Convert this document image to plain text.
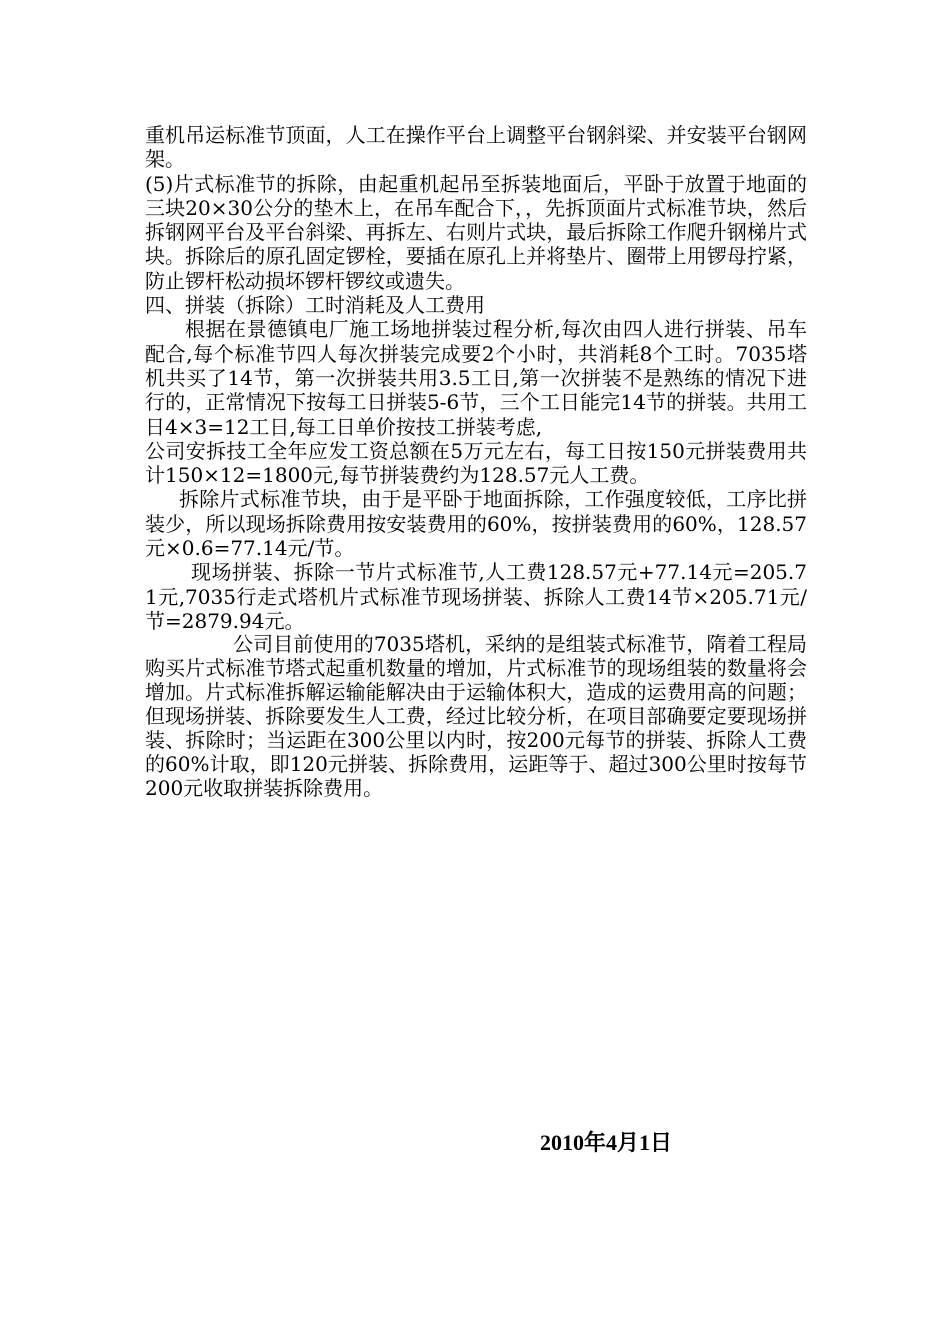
重机吊运标准节顶面，人工在操作平台上调整平台钢斜梁、并安装平台钢网架。

(5)片式标准节的拆除，由起重机起吊至拆装地面后，平卧于放置于地面的三块20×30公分的垫木上，在吊车配合下，，先拆顶面片式标准节块，然后拆钢网平台及平台斜梁、再拆左、右则片式块，最后拆除工作爬升钢梯片式块。拆除后的原孔固定锣栓，要插在原孔上并将垫片、圈带上用锣母拧紧，防止锣杆松动损坏锣杆锣纹或遗失。

四、拼装（拆除）工时消耗及人工费用

根据在景德镇电厂施工场地拼装过程分析,每次由四人进行拼装、吊车配合,每个标准节四人每次拼装完成要2个小时，共消耗8个工时。7035塔机共买了14节，第一次拼装共用3.5工日,第一次拼装不是熟练的情况下进行的，正常情况下按每工日拼装5-6节，三个工日能完14节的拼装。共用工日4×3=12工日,每工日单价按技工拼装考虑,

公司安拆技工全年应发工资总额在5万元左右，每工日按150元拼装费用共计150×12=1800元,每节拼装费约为128.57元人工费。

拆除片式标准节块，由于是平卧于地面拆除，工作强度较低，工序比拼装少，所以现场拆除费用按安装费用的60%，按拼装费用的60%，128.57元×0.6=77.14元/节。

现场拼装、拆除一节片式标准节,人工费128.57元+77.14元=205.71元,7035行走式塔机片式标准节现场拼装、拆除人工费14节×205.71元/节=2879.94元。

公司目前使用的7035塔机，采纳的是组装式标准节，隋着工程局购买片式标准节塔式起重机数量的增加，片式标准节的现场组装的数量将会增加。片式标准拆解运输能解决由于运输体积大，造成的运费用高的问题；但现场拼装、拆除要发生人工费，经过比较分析，在项目部确要定要现场拼装、拆除时；当运距在300公里以内时，按200元每节的拼装、拆除人工费的60%计取，即120元拼装、拆除费用，运距等于、超过300公里时按每节200元收取拼装拆除费用。

2010年4月1日
